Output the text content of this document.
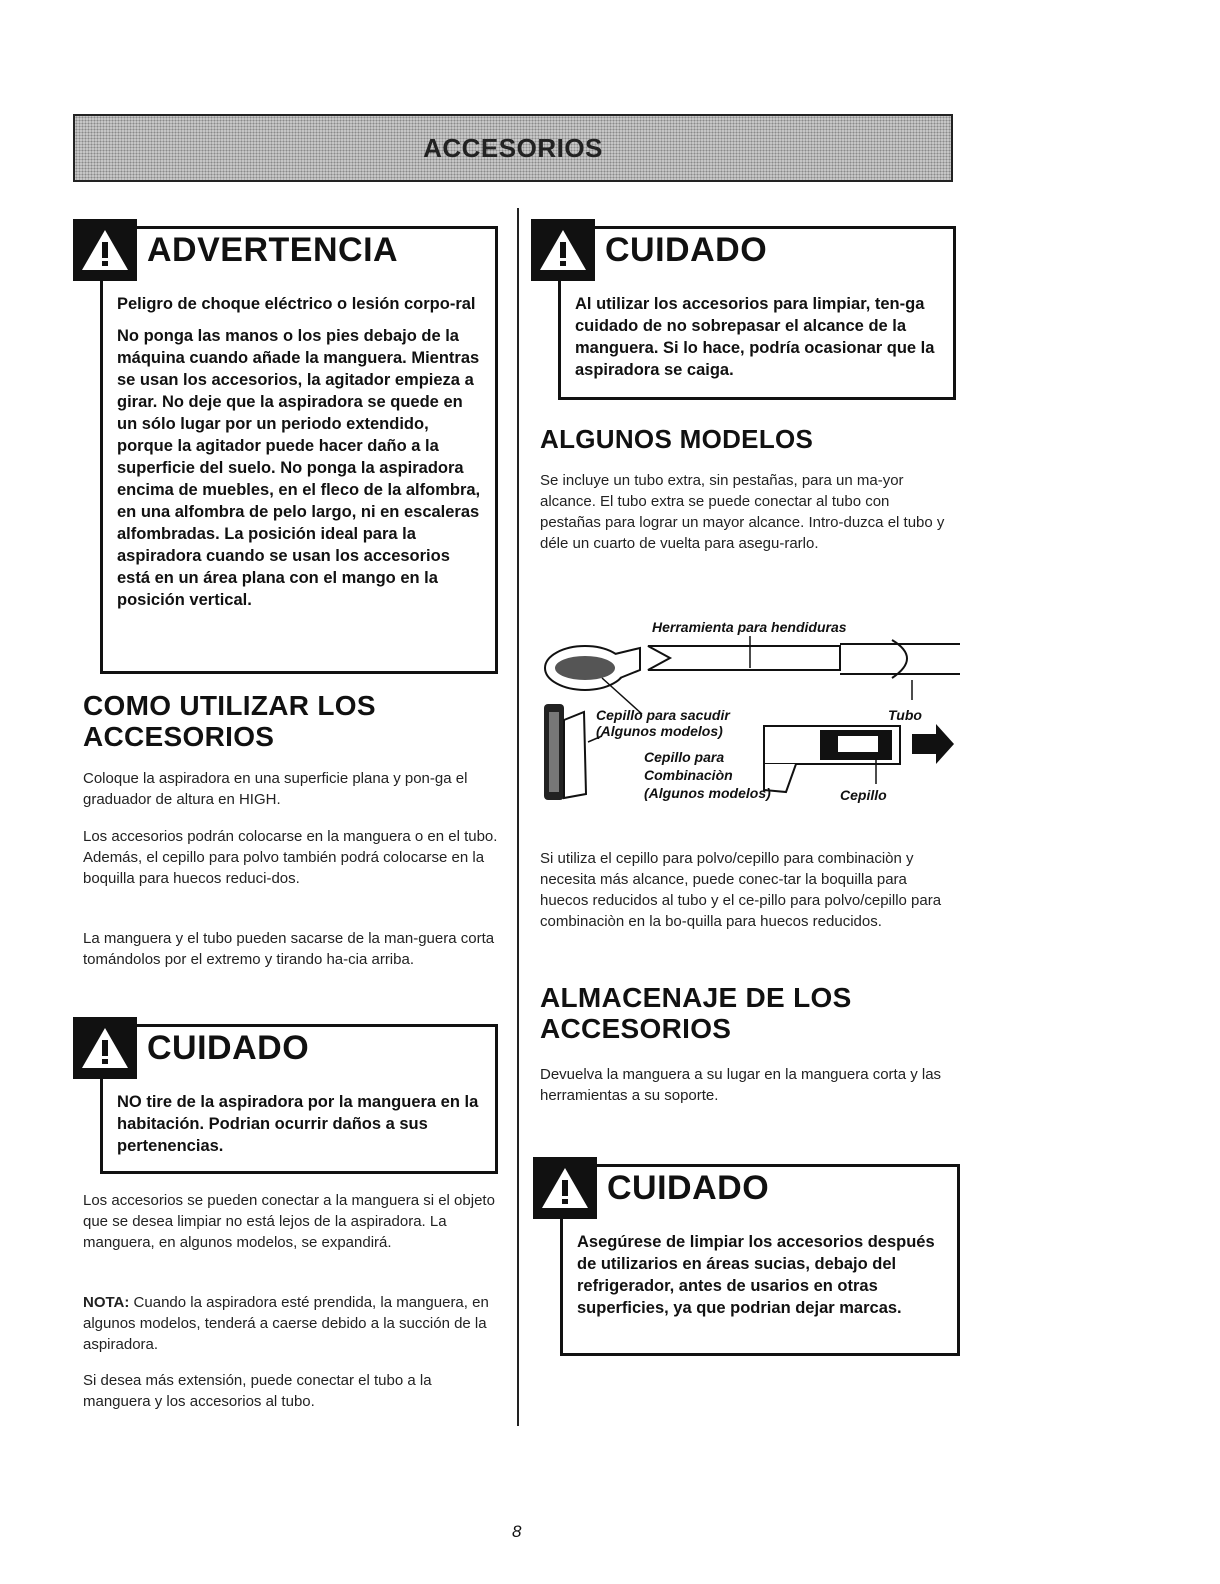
ACCESORIOS
ADVERTENCIA

Peligro de choque eléctrico o lesión corpo-ral

No ponga las manos o los pies debajo de la máquina cuando añade la manguera. Mientras se usan los accesorios, la agitador empieza a girar. No deje que la aspiradora se quede en un sólo lugar por un periodo extendido, porque la agitador puede hacer daño a la superficie del suelo. No ponga la aspiradora encima de muebles, en el fleco de la alfombra, en una alfombra de pelo largo, ni en escaleras alfombradas. La posición ideal para la aspiradora cuando se usan los accesorios está en un área plana con el mango en la posición vertical.

COMO UTILIZAR LOS
ACCESORIOS

Coloque la aspiradora en una superficie plana y pon-ga el graduador de altura en HIGH.

Los accesorios podrán colocarse en la manguera o en el tubo. Además, el cepillo para polvo también podrá colocarse en la boquilla para huecos reduci-dos.

La manguera y el tubo pueden sacarse de la man-guera corta tomándolos por el extremo y tirando ha-cia arriba.

CUIDADO

NO tire de la aspiradora por la manguera en la habitación. Podrian ocurrir daños a sus pertenencias.

Los accesorios se pueden conectar a la manguera si el objeto que se desea limpiar no está lejos de la aspiradora. La manguera, en algunos modelos, se expandirá.

NOTA: Cuando la aspiradora esté prendida, la manguera, en algunos modelos, tenderá a caerse debido a la succión de la aspiradora.

Si desea más extensión, puede conectar el tubo a la manguera y los accesorios al tubo.

CUIDADO

Al utilizar los accesorios para limpiar, ten-ga cuidado de no sobrepasar el alcance de la manguera. Si lo hace, podría ocasionar que la aspiradora se caiga.

ALGUNOS MODELOS

Se incluye un tubo extra, sin pestañas, para un ma-yor alcance. El tubo extra se puede conectar al tubo con pestañas para lograr un mayor alcance. Intro-duzca el tubo y déle un cuarto de vuelta para asegu-rarlo.

Herramienta para hendiduras
Tubo
Cepillo para sacudir
(Algunos modelos)
Cepillo para
Combinaciòn
(Algunos modelos)	Cepillo

Si utiliza el cepillo para polvo/cepillo para combinaciòn y necesita más alcance, puede conec-tar la boquilla para huecos reducidos al tubo y el ce-pillo para polvo/cepillo para combinaciòn en la bo-quilla para huecos reducidos.

ALMACENAJE DE LOS
ACCESORIOS

Devuelva la manguera a su lugar en la manguera corta y las herramientas a su soporte.

CUIDADO

Asegúrese de limpiar los accesorios después de utilizarios en áreas sucias, debajo del refrigerador, antes de usarios en otras superficies, ya que podrian dejar marcas.

8
